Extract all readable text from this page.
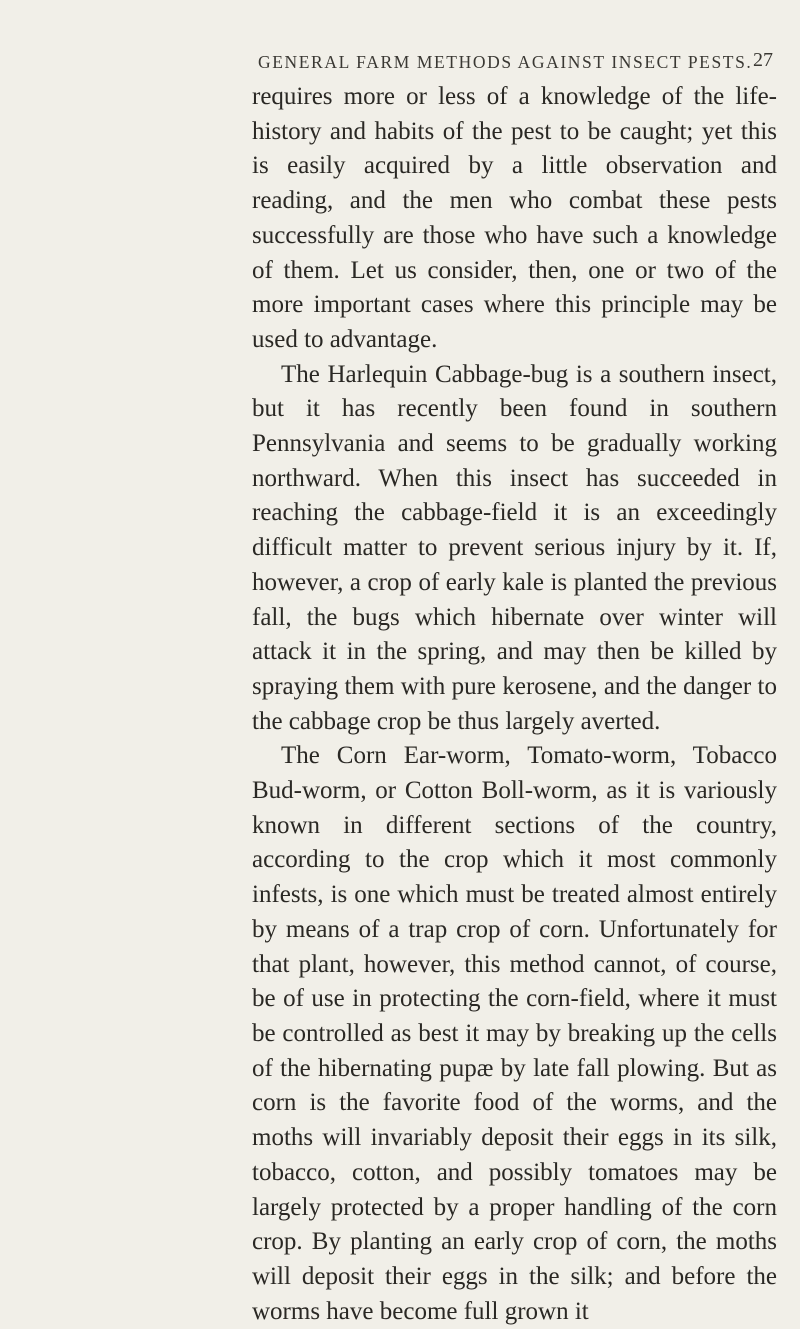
GENERAL FARM METHODS AGAINST INSECT PESTS. 27

requires more or less of a knowledge of the life-history and habits of the pest to be caught; yet this is easily acquired by a little observation and reading, and the men who combat these pests successfully are those who have such a knowledge of them. Let us consider, then, one or two of the more important cases where this principle may be used to advantage.

The Harlequin Cabbage-bug is a southern insect, but it has recently been found in southern Pennsylvania and seems to be gradually working northward. When this insect has succeeded in reaching the cabbage-field it is an exceedingly difficult matter to prevent serious injury by it. If, however, a crop of early kale is planted the previous fall, the bugs which hibernate over winter will attack it in the spring, and may then be killed by spraying them with pure kerosene, and the danger to the cabbage crop be thus largely averted.

The Corn Ear-worm, Tomato-worm, Tobacco Bud-worm, or Cotton Boll-worm, as it is variously known in different sections of the country, according to the crop which it most commonly infests, is one which must be treated almost entirely by means of a trap crop of corn. Unfortunately for that plant, however, this method cannot, of course, be of use in protecting the corn-field, where it must be controlled as best it may by breaking up the cells of the hibernating pupæ by late fall plowing. But as corn is the favorite food of the worms, and the moths will invariably deposit their eggs in its silk, tobacco, cotton, and possibly tomatoes may be largely protected by a proper handling of the corn crop. By planting an early crop of corn, the moths will deposit their eggs in the silk; and before the worms have become full grown it
